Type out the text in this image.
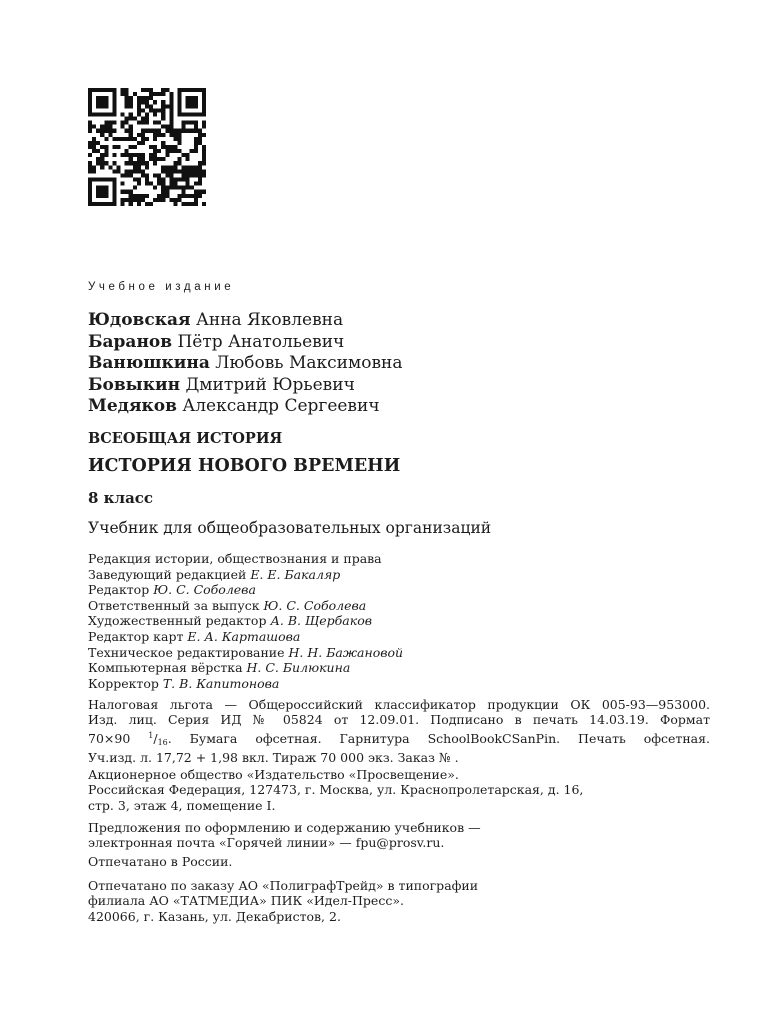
Учебное издание
Юдовская Анна Яковлевна
Баранов Пётр Анатольевич
Ванюшкина Любовь Максимовна
Бовыкин Дмитрий Юрьевич
Медяков Александр Сергеевич
ВСЕОБЩАЯ ИСТОРИЯ
ИСТОРИЯ НОВОГО ВРЕМЕНИ
8 класс
Учебник для общеобразовательных организаций
Редакция истории, обществознания и права
Заведующий редакцией Е. Е. Бакаляр
Редактор Ю. С. Соболева
Ответственный за выпуск Ю. С. Соболева
Художественный редактор А. В. Щербаков
Редактор карт Е. А. Карташова
Техническое редактирование Н. Н. Бажановой
Компьютерная вёрстка Н. С. Билюкина
Корректор Т. В. Капитонова
Налоговая льгота — Общероссийский классификатор продукции ОК 005-93—953000.
Изд. лиц. Серия ИД № 05824 от 12.09.01. Подписано в печать 14.03.19. Формат
70×90 $^1/_{16}$. Бумага офсетная. Гарнитура SchoolBookCSanPin. Печать офсетная.
Уч.изд. л. 17,72 + 1,98 вкл. Тираж 70 000 экз. Заказ № .
Акционерное общество «Издательство «Просвещение».
Российская Федерация, 127473, г. Москва, ул. Краснопролетарская, д. 16,
стр. 3, этаж 4, помещение I.
Предложения по оформлению и содержанию учебников —
электронная почта «Горячей линии» — fpu@prosv.ru.
Отпечатано в России.
Отпечатано по заказу АО «ПолиграфТрейд» в типографии
филиала АО «ТАТМЕДИА» ПИК «Идел-Пресс».
420066, г. Казань, ул. Декабристов, 2.
